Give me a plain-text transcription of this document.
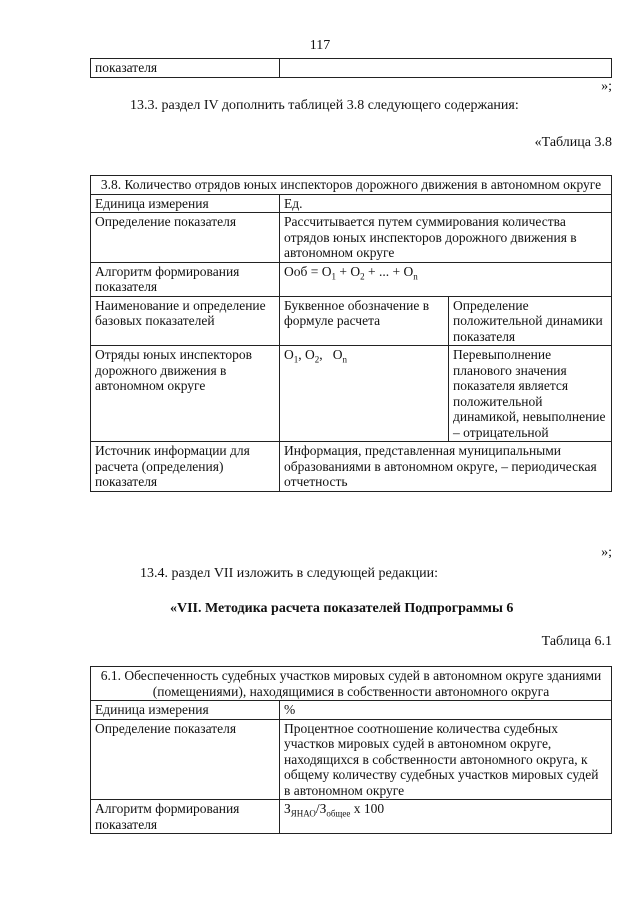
117
показателя	
»;
13.3. раздел IV дополнить таблицей 3.8 следующего содержания:
«Таблица 3.8
3.8. Количество отрядов юных инспекторов дорожного движения в автономном округе		
Единица измерения	Ед.	
Определение показателя	Рассчитывается путем суммирования количества отрядов юных инспекторов дорожного движения в автономном округе	
Алгоритм формирования показателя	Ооб = $O_1 + O_2$ + ... + $O_n$
Наименование и определение базовых показателей	Буквенное обозначение в формуле расчета	Определение положительной динамики показателя
Отряды юных инспекторов дорожного движения в автономном округе	$O_1$, $O_2$,   $O_n$	Перевыполнение планового значения показателя является положительной динамикой, невыполнение – отрицательной
Источник информации для расчета (определения) показателя	Информация, представленная муниципальными образованиями в автономном округе, – периодическая отчетность	
»;
13.4. раздел VII изложить в следующей редакции:
«VII. Методика расчета показателей Подпрограммы 6
Таблица 6.1
6.1. Обеспеченность судебных участков мировых судей в автономном округе зданиями (помещениями), находящимися в собственности автономного округа	
Единица измерения	%
Определение показателя	Процентное соотношение количества судебных участков мировых судей в автономном округе, находящихся в собственности автономного округа, к общему количеству судебных участков мировых судей в автономном округе
Алгоритм формирования показателя	$З_{ЯНАО}/З_{общее}$ х 100
